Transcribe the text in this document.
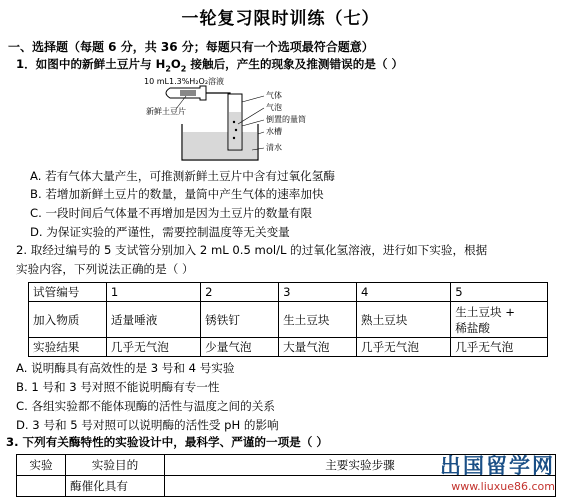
一轮复习限时训练（七）
一、选择题（每题 6 分，共 36 分；每题只有一个选项最符合题意）
1．如图中的新鲜土豆片与 $H_2O_2$ 接触后，产生的现象及推测错误的是（ ）
10 mL1.3%H₂O₂溶液
新鲜土豆片
气体
气泡
倒置的量筒
水槽
清水
A. 若有气体大量产生，可推测新鲜土豆片中含有过氧化氢酶
B. 若增加新鲜土豆片的数量，量筒中产生气体的速率加快
C. 一段时间后气体量不再增加是因为土豆片的数量有限
D. 为保证实验的严谨性，需要控制温度等无关变量
2. 取经过编号的 5 支试管分别加入 2 mL 0.5 mol/L 的过氧化氢溶液，进行如下实验，根据
实验内容，下列说法正确的是（ ）
试管编号	1	2	3	4	5
加入物质	适量唾液	锈铁钉	生土豆块	熟土豆块	生土豆块 +
稀盐酸

实验结果	几乎无气泡	少量气泡	大量气泡	几乎无气泡	几乎无气泡
A. 说明酶具有高效性的是 3 号和 4 号实验
B. 1 号和 3 号对照不能说明酶有专一性
C. 各组实验都不能体现酶的活性与温度之间的关系
D. 3 号和 5 号对照可以说明酶的活性受 pH 的影响
3. 下列有关酶特性的实验设计中，最科学、严谨的一项是（ ）
实验	实验目的	主要实验步骤
	酶催化具有	
出国留学网
www.liuxue86.com
